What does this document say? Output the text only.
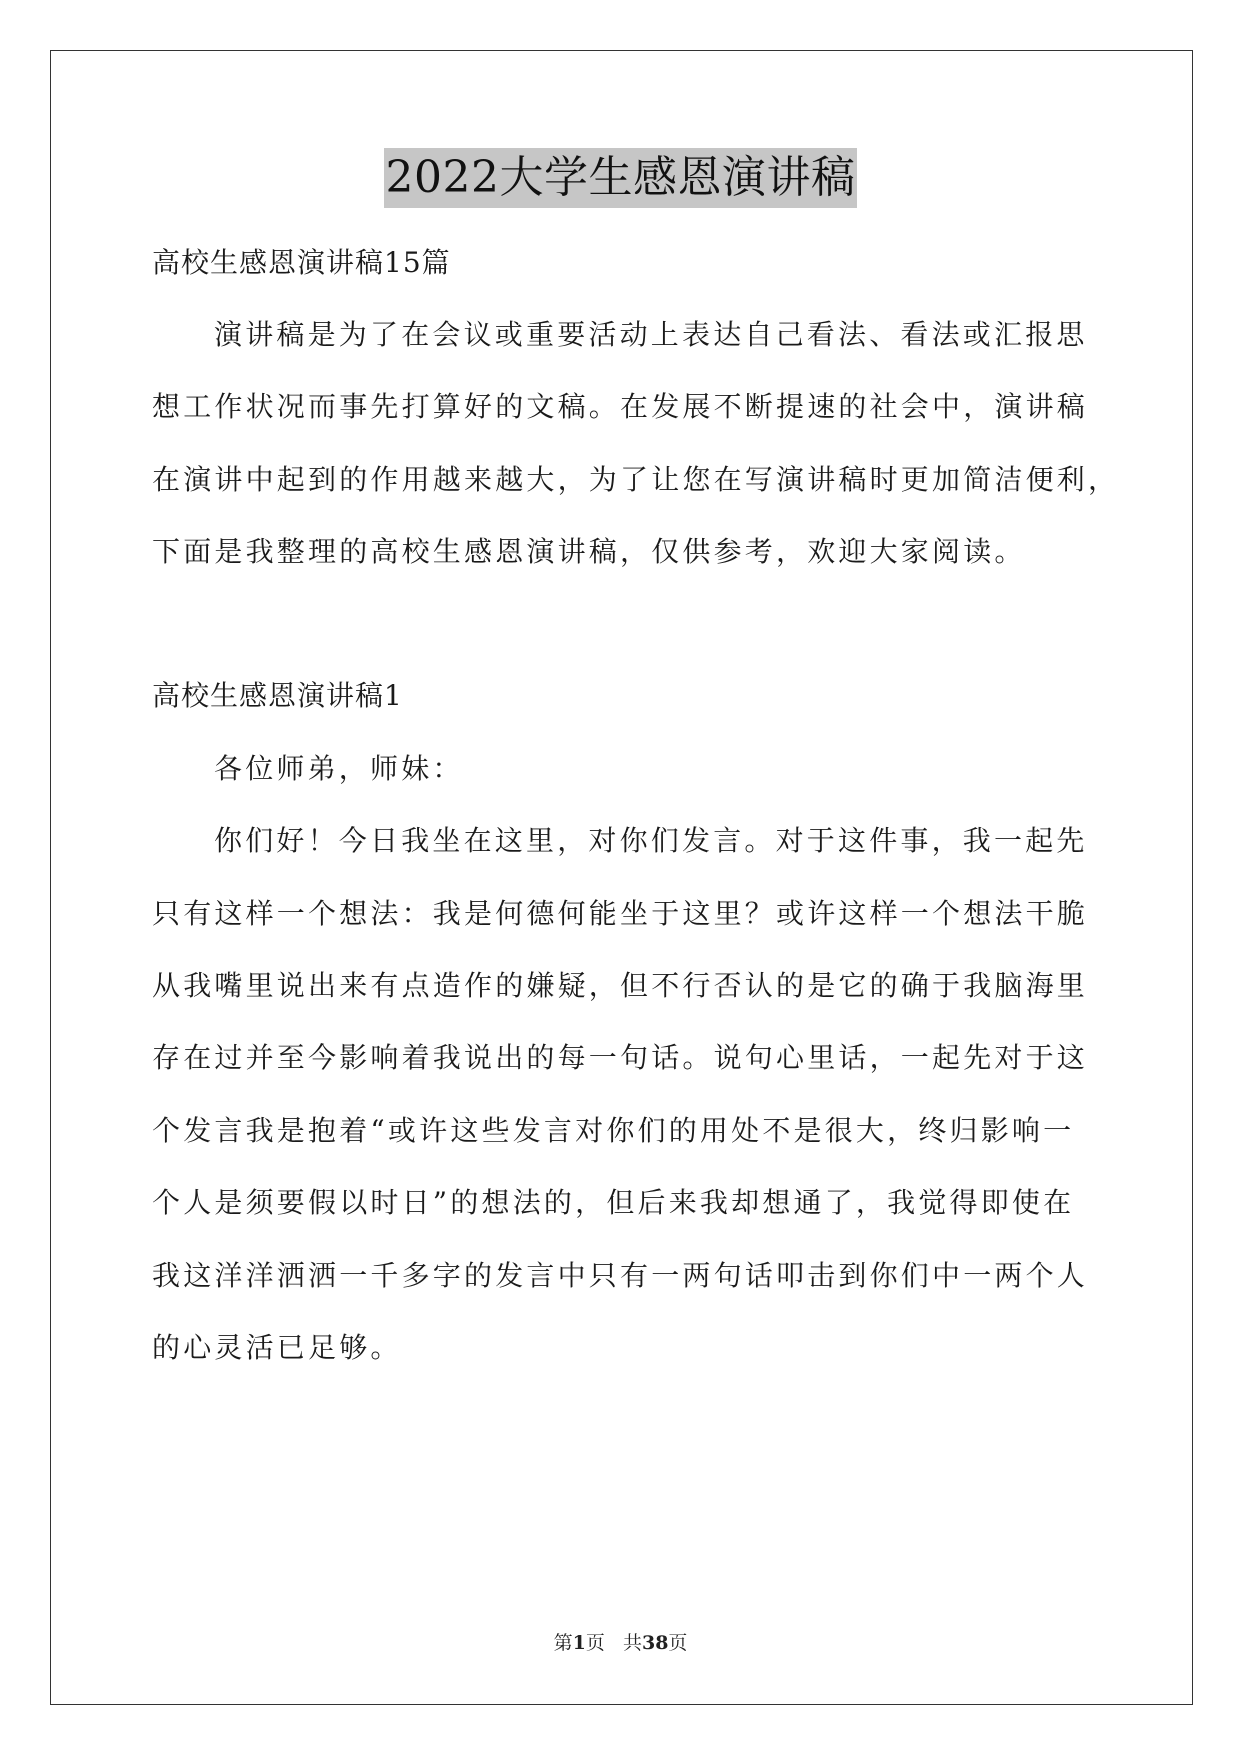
2022大学生感恩演讲稿
高校生感恩演讲稿15篇
演讲稿是为了在会议或重要活动上表达自己看法、看法或汇报思
想工作状况而事先打算好的文稿。在发展不断提速的社会中，演讲稿
在演讲中起到的作用越来越大，为了让您在写演讲稿时更加简洁便利，
下面是我整理的高校生感恩演讲稿，仅供参考，欢迎大家阅读。
高校生感恩演讲稿1
各位师弟，师妹：
你们好！今日我坐在这里，对你们发言。对于这件事，我一起先
只有这样一个想法：我是何德何能坐于这里？或许这样一个想法干脆
从我嘴里说出来有点造作的嫌疑，但不行否认的是它的确于我脑海里
存在过并至今影响着我说出的每一句话。说句心里话，一起先对于这
个发言我是抱着“或许这些发言对你们的用处不是很大，终归影响一
个人是须要假以时日”的想法的，但后来我却想通了，我觉得即使在
我这洋洋洒洒一千多字的发言中只有一两句话叩击到你们中一两个人
的心灵活已足够。
第1页 共38页
